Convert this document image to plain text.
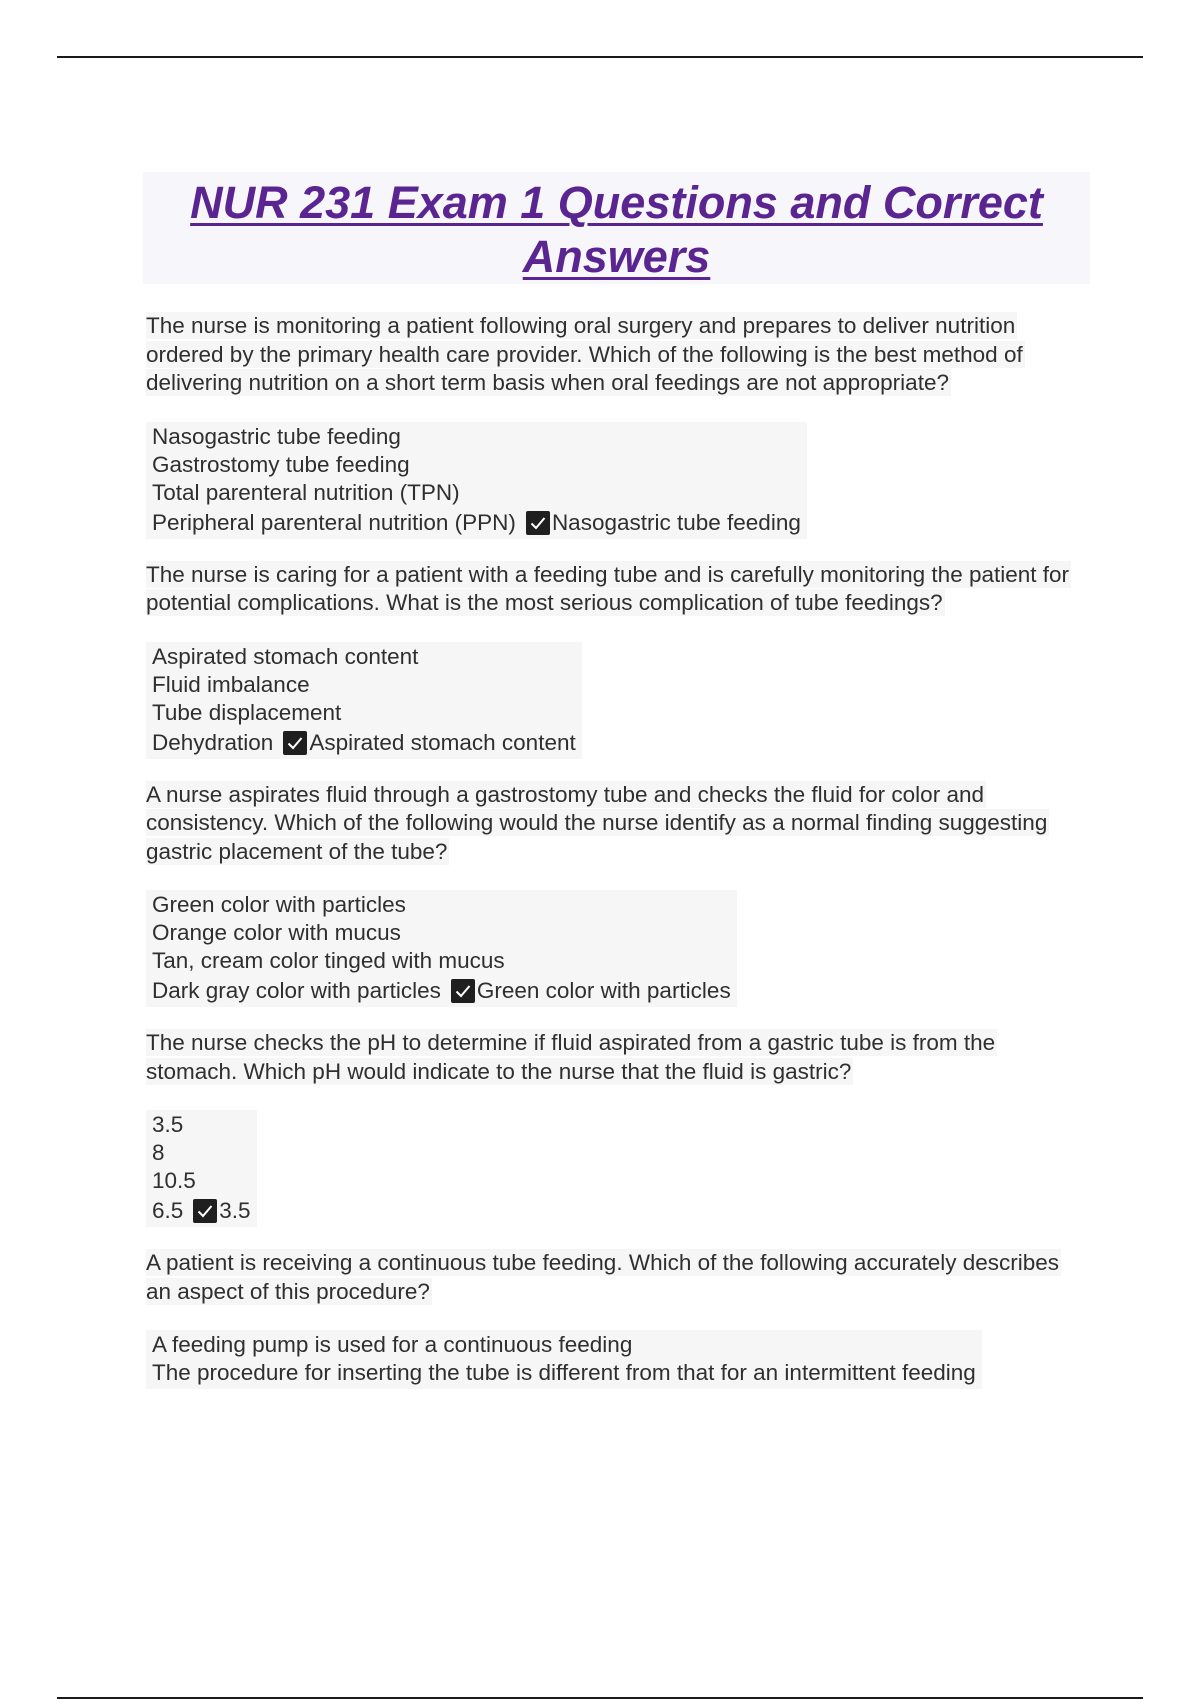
NUR 231 Exam 1 Questions and Correct Answers
The nurse is monitoring a patient following oral surgery and prepares to deliver nutrition ordered by the primary health care provider. Which of the following is the best method of delivering nutrition on a short term basis when oral feedings are not appropriate?
Nasogastric tube feeding
Gastrostomy tube feeding
Total parenteral nutrition (TPN)
Peripheral parenteral nutrition (PPN) Nasogastric tube feeding
The nurse is caring for a patient with a feeding tube and is carefully monitoring the patient for potential complications. What is the most serious complication of tube feedings?
Aspirated stomach content
Fluid imbalance
Tube displacement
Dehydration Aspirated stomach content
A nurse aspirates fluid through a gastrostomy tube and checks the fluid for color and consistency. Which of the following would the nurse identify as a normal finding suggesting gastric placement of the tube?
Green color with particles
Orange color with mucus
Tan, cream color tinged with mucus
Dark gray color with particles Green color with particles
The nurse checks the pH to determine if fluid aspirated from a gastric tube is from the stomach. Which pH would indicate to the nurse that the fluid is gastric?
3.5
8
10.5
6.5 3.5
A patient is receiving a continuous tube feeding. Which of the following accurately describes an aspect of this procedure?
A feeding pump is used for a continuous feeding
The procedure for inserting the tube is different from that for an intermittent feeding
